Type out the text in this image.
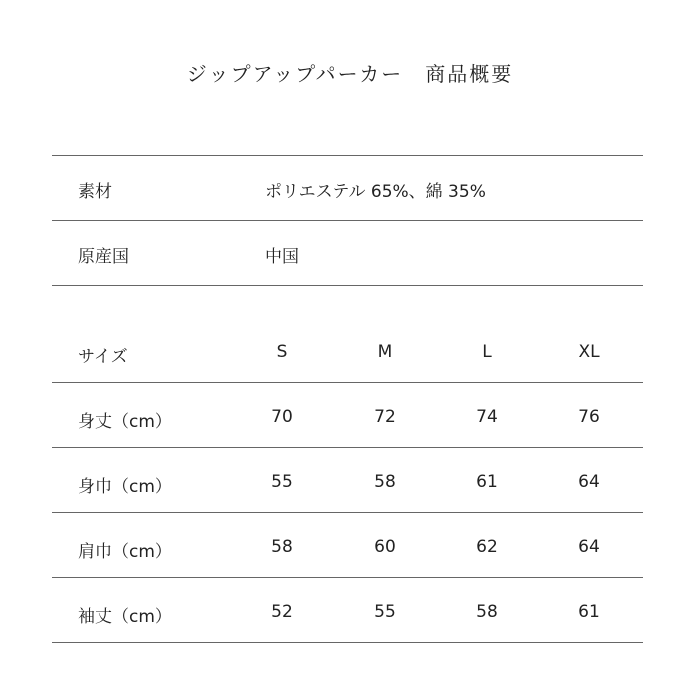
ジップアップパーカー　商品概要
素材	ポリエステル 65%、綿 35%
原産国	中国
サイズ	S	M	L	XL
身丈（cm）	70	72	74	76
身巾（cm）	55	58	61	64
肩巾（cm）	58	60	62	64
袖丈（cm）	52	55	58	61
